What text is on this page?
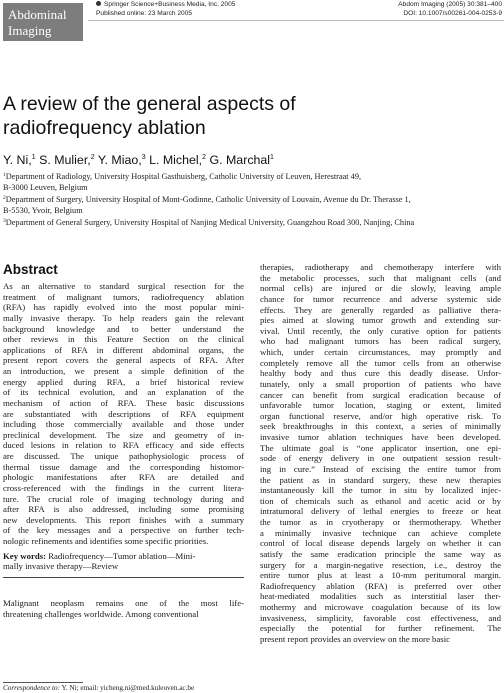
Abdominal
Imaging
Springer Science+Business Media, Inc. 2005
Published online: 23 March 2005
Abdom Imaging (2005) 30:381–400
DOI: 10.1007/s00261-004-0253-9
A review of the general aspects of
radiofrequency ablation
Y. Ni,$^1$ S. Mulier,$^2$ Y. Miao,$^3$ L. Michel,$^2$ G. Marchal$^1$
$^1$Department of Radiology, University Hospital Gasthuisberg, Catholic University of Leuven, Herestraat 49,
B-3000 Leuven, Belgium
$^2$Department of Surgery, University Hospital of Mont-Godinne, Catholic University of Louvain, Avenue du Dr. Therasse 1,
B-5530, Yvoir, Belgium
$^3$Department of General Surgery, University Hospital of Nanjing Medical University, Guangzhou Road 300, Nanjing, China
Abstract
As an alternative to standard surgical resection for the
treatment of malignant tumors, radiofrequency ablation
(RFA) has rapidly evolved into the most popular mini-
mally invasive therapy. To help readers gain the relevant
background knowledge and to better understand the
other reviews in this Feature Section on the clinical
applications of RFA in different abdominal organs, the
present report covers the general aspects of RFA. After
an introduction, we present a simple definition of the
energy applied during RFA, a brief historical review
of its technical evolution, and an explanation of the
mechanism of action of RFA. These basic discussions
are substantiated with descriptions of RFA equipment
including those commercially available and those under
preclinical development. The size and geometry of in-
duced lesions in relation to RFA efficacy and side effects
are discussed. The unique pathophysiologic process of
thermal tissue damage and the corresponding histomor-
phologic manifestations after RFA are detailed and
cross-referenced with the findings in the current litera-
ture. The crucial role of imaging technology during and
after RFA is also addressed, including some promising
new developments. This report finishes with a summary
of the key messages and a perspective on further tech-
nologic refinements and identifies some specific priorities.
Key words: Radiofrequency—Tumor ablation—Mini-
mally invasive therapy—Review
Malignant neoplasm remains one of the most life-
threatening challenges worldwide. Among conventional
Correspondence to: Y. Ni; email: yicheng.ni@med.kuleuven.ac.be
therapies, radiotherapy and chemotherapy interfere with
the metabolic processes, such that malignant cells (and
normal cells) are injured or die slowly, leaving ample
chance for tumor recurrence and adverse systemic side
effects. They are generally regarded as palliative thera-
pies aimed at slowing tumor growth and extending sur-
vival. Until recently, the only curative option for patients
who had malignant tumors has been radical surgery,
which, under certain circumstances, may promptly and
completely remove all the tumor cells from an otherwise
healthy body and thus cure this deadly disease. Unfor-
tunately, only a small proportion of patients who have
cancer can benefit from surgical eradication because of
unfavorable tumor location, staging or extent, limited
organ functional reserve, and/or high operative risk. To
seek breakthroughs in this context, a series of minimally
invasive tumor ablation techniques have been developed.
The ultimate goal is “one applicator insertion, one epi-
sode of energy delivery in one outpatient session result-
ing in cure.” Instead of excising the entire tumor from
the patient as in standard surgery, these new therapies
instantaneously kill the tumor in situ by localized injec-
tion of chemicals such as ethanol and acetic acid or by
intratumoral delivery of lethal energies to freeze or heat
the tumor as in cryotherapy or thermotherapy. Whether
a minimally invasive technique can achieve complete
control of local disease depends largely on whether it can
satisfy the same eradication principle the same way as
surgery for a margin-negative resection, i.e., destroy the
entire tumor plus at least a 10-mm peritumoral margin.
Radiofrequency ablation (RFA) is preferred over other
heat-mediated modalities such as interstitial laser ther-
mothermy and microwave coagulation because of its low
invasiveness, simplicity, favorable cost effectiveness, and
especially the potential for further refinement. The
present report provides an overview on the more basic
